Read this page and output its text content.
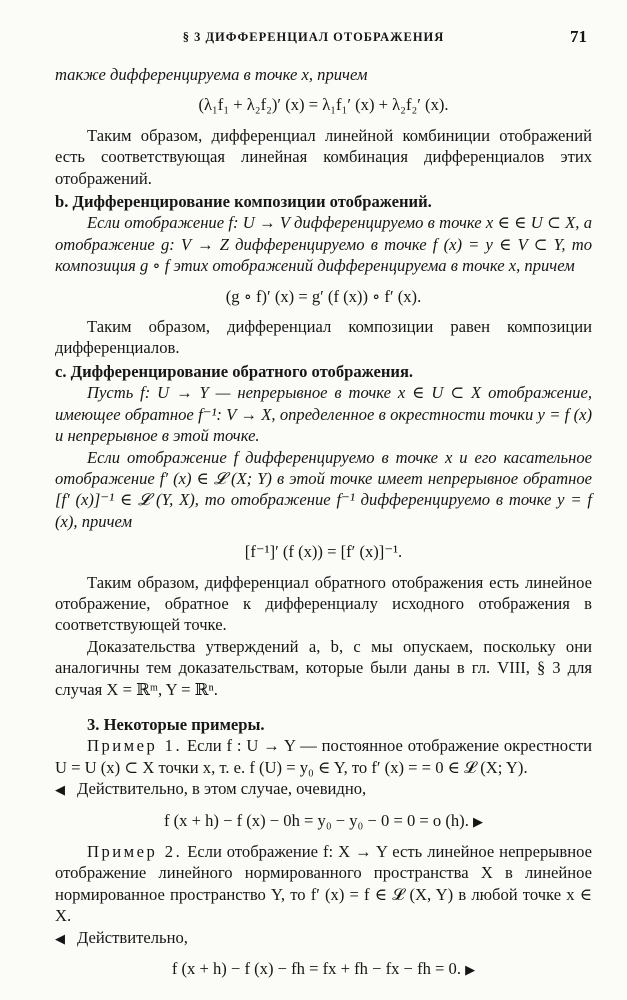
§ 3 ДИФФЕРЕНЦИАЛ ОТОБРАЖЕНИЯ	71

также дифференцируема в точке x, причем

(λ₁f₁ + λ₂f₂)′ (x) = λ₁f₁′ (x) + λ₂f₂′ (x).

Таким образом, дифференциал линейной комбиниции отображений есть соответствующая линейная комбинация дифференциалов этих отображений.

b. Дифференцирование композиции отображений.

Если отображение f: U → V дифференцируемо в точке x ∈ ∈ U ⊂ X, а отображение g: V → Z дифференцируемо в точке f (x) = y ∈ V ⊂ Y, то композиция g ∘ f этих отображений дифференцируема в точке x, причем

(g ∘ f)′ (x) = g′ (f (x)) ∘ f′ (x).

Таким образом, дифференциал композиции равен композиции дифференциалов.

c. Дифференцирование обратного отображения.

Пусть f: U → Y — непрерывное в точке x ∈ U ⊂ X отображение, имеющее обратное f⁻¹: V → X, определенное в окрестности точки y = f (x) и непрерывное в этой точке.

Если отображение f дифференцируемо в точке x и его касательное отображение f′ (x) ∈ 𝓛 (X; Y) в этой точке имеет непрерывное обратное [f′ (x)]⁻¹ ∈ 𝓛 (Y, X), то отображение f⁻¹ дифференцируемо в точке y = f (x), причем

[f⁻¹]′ (f (x)) = [f′ (x)]⁻¹.

Таким образом, дифференциал обратного отображения есть линейное отображение, обратное к дифференциалу исходного отображения в соответствующей точке.

Доказательства утверждений a, b, c мы опускаем, поскольку они аналогичны тем доказательствам, которые были даны в гл. VIII, § 3 для случая X = ℝᵐ, Y = ℝⁿ.

3. Некоторые примеры.

Пример 1. Если f : U → Y — постоянное отображение окрестности U = U (x) ⊂ X точки x, т. е. f (U) = y₀ ∈ Y, то f′ (x) = = 0 ∈ 𝓛 (X; Y).

◀ Действительно, в этом случае, очевидно,

f (x + h) − f (x) − 0h = y₀ − y₀ − 0 = 0 = o (h). ▶

Пример 2. Если отображение f: X → Y есть линейное непрерывное отображение линейного нормированного пространства X в линейное нормированное пространство Y, то f′ (x) = f ∈ 𝓛 (X, Y) в любой точке x ∈ X.

◀ Действительно,

f (x + h) − f (x) − fh = fx + fh − fx − fh = 0. ▶
